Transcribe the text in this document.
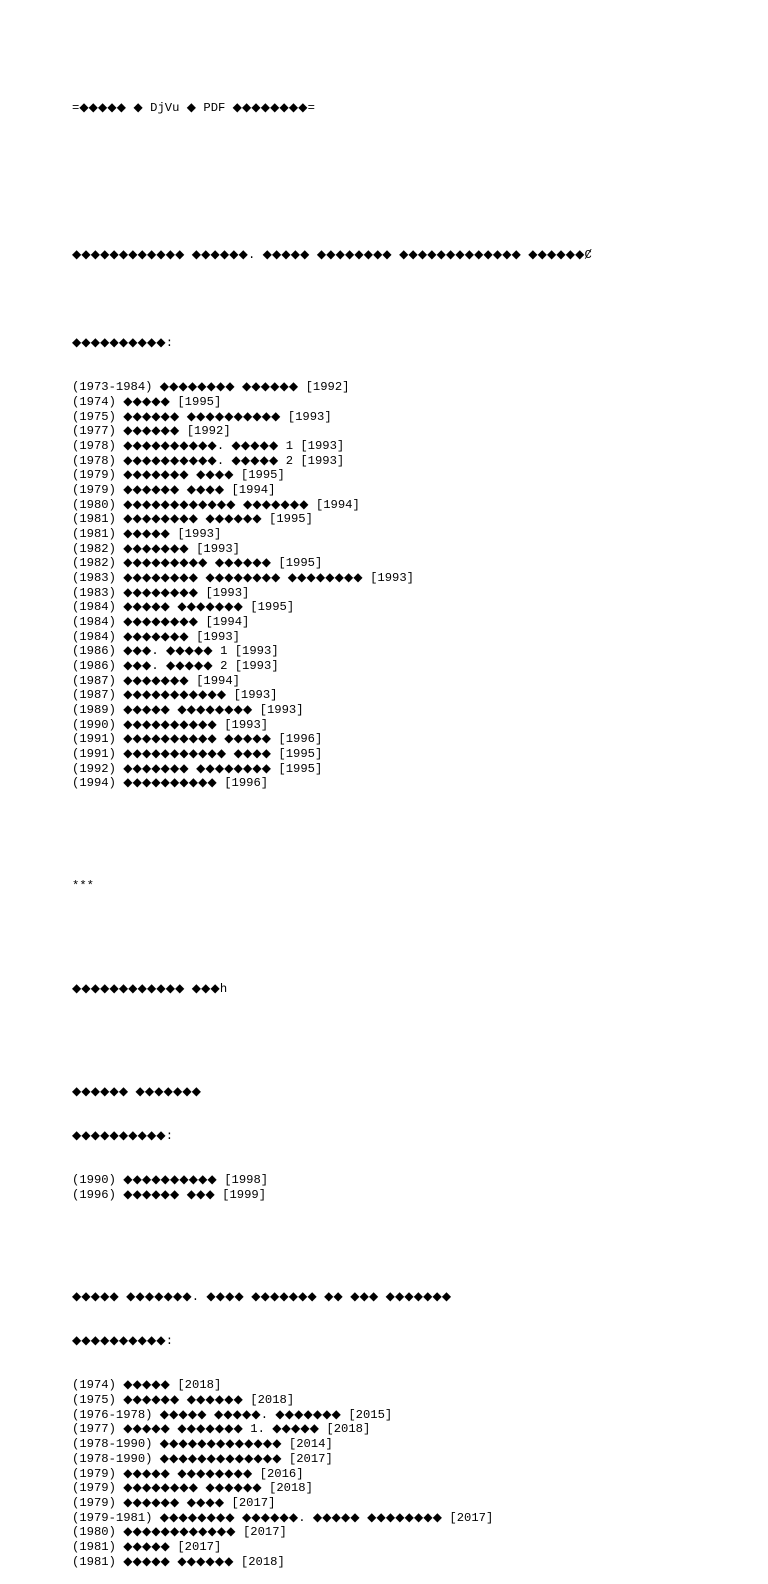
=◆◆◆◆◆ ◆ DjVu ◆ PDF ◆◆◆◆◆◆◆◆=

◆◆◆◆◆◆◆◆◆◆◆◆ ◆◆◆◆◆◆. ◆◆◆◆◆ ◆◆◆◆◆◆◆◆ ◆◆◆◆◆◆◆◆◆◆◆◆◆ ◆◆◆◆◆◆Ȼ

◆◆◆◆◆◆◆◆◆◆:

(1973-1984) ◆◆◆◆◆◆◆◆ ◆◆◆◆◆◆ [1992]
(1974) ◆◆◆◆◆ [1995]
(1975) ◆◆◆◆◆◆ ◆◆◆◆◆◆◆◆◆◆ [1993]
(1977) ◆◆◆◆◆◆ [1992]
(1978) ◆◆◆◆◆◆◆◆◆◆. ◆◆◆◆◆ 1 [1993]
(1978) ◆◆◆◆◆◆◆◆◆◆. ◆◆◆◆◆ 2 [1993]
(1979) ◆◆◆◆◆◆◆ ◆◆◆◆ [1995]
(1979) ◆◆◆◆◆◆ ◆◆◆◆ [1994]
(1980) ◆◆◆◆◆◆◆◆◆◆◆◆ ◆◆◆◆◆◆◆ [1994]
(1981) ◆◆◆◆◆◆◆◆ ◆◆◆◆◆◆ [1995]
(1981) ◆◆◆◆◆ [1993]
(1982) ◆◆◆◆◆◆◆ [1993]
(1982) ◆◆◆◆◆◆◆◆◆ ◆◆◆◆◆◆ [1995]
(1983) ◆◆◆◆◆◆◆◆ ◆◆◆◆◆◆◆◆ ◆◆◆◆◆◆◆◆ [1993]
(1983) ◆◆◆◆◆◆◆◆ [1993]
(1984) ◆◆◆◆◆ ◆◆◆◆◆◆◆ [1995]
(1984) ◆◆◆◆◆◆◆◆ [1994]
(1984) ◆◆◆◆◆◆◆ [1993]
(1986) ◆◆◆. ◆◆◆◆◆ 1 [1993]
(1986) ◆◆◆. ◆◆◆◆◆ 2 [1993]
(1987) ◆◆◆◆◆◆◆ [1994]
(1987) ◆◆◆◆◆◆◆◆◆◆◆ [1993]
(1989) ◆◆◆◆◆ ◆◆◆◆◆◆◆◆ [1993]
(1990) ◆◆◆◆◆◆◆◆◆◆ [1993]
(1991) ◆◆◆◆◆◆◆◆◆◆ ◆◆◆◆◆ [1996]
(1991) ◆◆◆◆◆◆◆◆◆◆◆ ◆◆◆◆ [1995]
(1992) ◆◆◆◆◆◆◆ ◆◆◆◆◆◆◆◆ [1995]
(1994) ◆◆◆◆◆◆◆◆◆◆ [1996]

***

◆◆◆◆◆◆◆◆◆◆◆◆ ◆◆◆h

◆◆◆◆◆◆ ◆◆◆◆◆◆◆

◆◆◆◆◆◆◆◆◆◆:

(1990) ◆◆◆◆◆◆◆◆◆◆ [1998]
(1996) ◆◆◆◆◆◆ ◆◆◆ [1999]

◆◆◆◆◆ ◆◆◆◆◆◆◆. ◆◆◆◆ ◆◆◆◆◆◆◆ ◆◆ ◆◆◆ ◆◆◆◆◆◆◆

◆◆◆◆◆◆◆◆◆◆:

(1974) ◆◆◆◆◆ [2018]
(1975) ◆◆◆◆◆◆ ◆◆◆◆◆◆ [2018]
(1976-1978) ◆◆◆◆◆ ◆◆◆◆◆. ◆◆◆◆◆◆◆ [2015]
(1977) ◆◆◆◆◆ ◆◆◆◆◆◆◆ 1. ◆◆◆◆◆ [2018]
(1978-1990) ◆◆◆◆◆◆◆◆◆◆◆◆◆ [2014]
(1978-1990) ◆◆◆◆◆◆◆◆◆◆◆◆◆ [2017]
(1979) ◆◆◆◆◆ ◆◆◆◆◆◆◆◆ [2016]
(1979) ◆◆◆◆◆◆◆◆ ◆◆◆◆◆◆ [2018]
(1979) ◆◆◆◆◆◆ ◆◆◆◆ [2017]
(1979-1981) ◆◆◆◆◆◆◆◆ ◆◆◆◆◆◆. ◆◆◆◆◆ ◆◆◆◆◆◆◆◆ [2017]
(1980) ◆◆◆◆◆◆◆◆◆◆◆◆ [2017]
(1981) ◆◆◆◆◆ [2017]
(1981) ◆◆◆◆◆ ◆◆◆◆◆◆ [2018]
